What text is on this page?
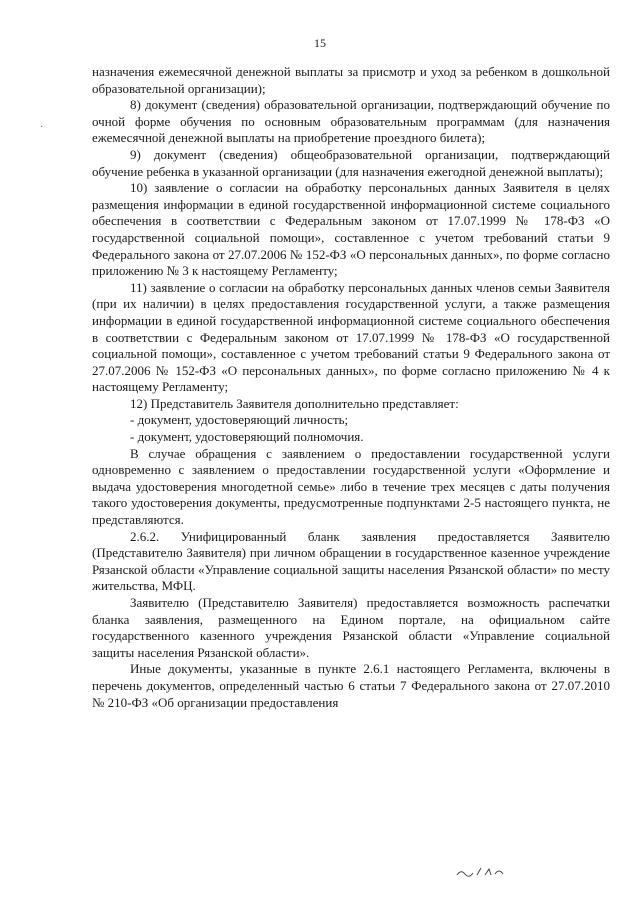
15
·

назначения ежемесячной денежной выплаты за присмотр и уход за ребенком в дошкольной образовательной организации);

8) документ (сведения) образовательной организации, подтверждающий обучение по очной форме обучения по основным образовательным программам (для назначения ежемесячной денежной выплаты на приобретение проездного билета);

9) документ (сведения) общеобразовательной организации, подтверждающий обучение ребенка в указанной организации (для назначения ежегодной денежной выплаты);

10) заявление о согласии на обработку персональных данных Заявителя в целях размещения информации в единой государственной информационной системе социального обеспечения в соответствии с Федеральным законом от 17.07.1999 № 178-ФЗ «О государственной социальной помощи», составленное с учетом требований статьи 9 Федерального закона от 27.07.2006 № 152-ФЗ «О персональных данных», по форме согласно приложению № 3 к настоящему Регламенту;

11) заявление о согласии на обработку персональных данных членов семьи Заявителя (при их наличии) в целях предоставления государственной услуги, а также размещения информации в единой государственной информационной системе социального обеспечения в соответствии с Федеральным законом от 17.07.1999 № 178-ФЗ «О государственной социальной помощи», составленное с учетом требований статьи 9 Федерального закона от 27.07.2006 № 152-ФЗ «О персональных данных», по форме согласно приложению № 4 к настоящему Регламенту;

12) Представитель Заявителя дополнительно представляет:

- документ, удостоверяющий личность;

- документ, удостоверяющий полномочия.

В случае обращения с заявлением о предоставлении государственной услуги одновременно с заявлением о предоставлении государственной услуги «Оформление и выдача удостоверения многодетной семье» либо в течение трех месяцев с даты получения такого удостоверения документы, предусмотренные подпунктами 2-5 настоящего пункта, не представляются.

2.6.2. Унифицированный бланк заявления предоставляется Заявителю (Представителю Заявителя) при личном обращении в государственное казенное учреждение Рязанской области «Управление социальной защиты населения Рязанской области» по месту жительства, МФЦ.

Заявителю (Представителю Заявителя) предоставляется возможность распечатки бланка заявления, размещенного на Едином портале, на официальном сайте государственного казенного учреждения Рязанской области «Управление социальной защиты населения Рязанской области».

Иные документы, указанные в пункте 2.6.1 настоящего Регламента, включены в перечень документов, определенный частью 6 статьи 7 Федерального закона от 27.07.2010 № 210-ФЗ «Об организации предоставления
